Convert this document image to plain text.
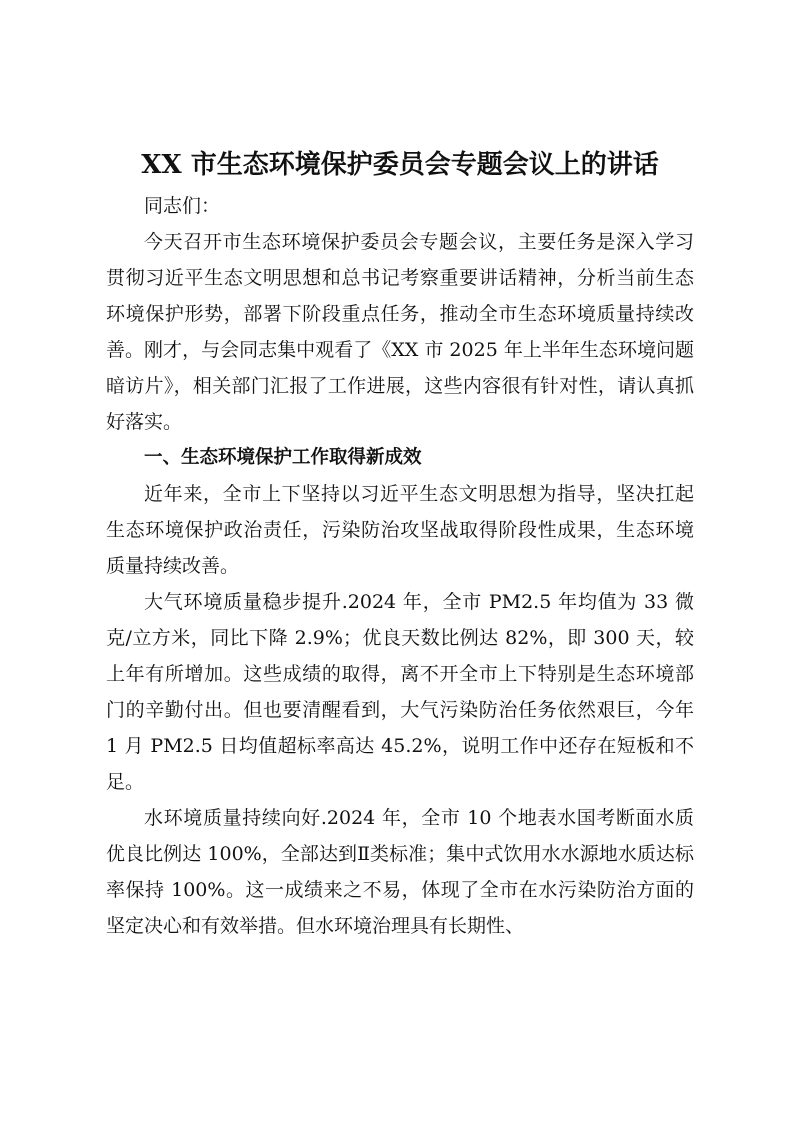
XX 市生态环境保护委员会专题会议上的讲话

同志们：

今天召开市生态环境保护委员会专题会议，主要任务是深入学习贯彻习近平生态文明思想和总书记考察重要讲话精神，分析当前生态环境保护形势，部署下阶段重点任务，推动全市生态环境质量持续改善。刚才，与会同志集中观看了《XX 市 2025 年上半年生态环境问题暗访片》，相关部门汇报了工作进展，这些内容很有针对性，请认真抓好落实。

一、生态环境保护工作取得新成效

近年来，全市上下坚持以习近平生态文明思想为指导，坚决扛起生态环境保护政治责任，污染防治攻坚战取得阶段性成果，生态环境质量持续改善。

大气环境质量稳步提升.2024 年，全市 PM2.5 年均值为 33 微克/立方米，同比下降 2.9%；优良天数比例达 82%，即 300 天，较上年有所增加。这些成绩的取得，离不开全市上下特别是生态环境部门的辛勤付出。但也要清醒看到，大气污染防治任务依然艰巨，今年 1 月 PM2.5 日均值超标率高达 45.2%，说明工作中还存在短板和不足。

水环境质量持续向好.2024 年，全市 10 个地表水国考断面水质优良比例达 100%，全部达到Ⅱ类标准；集中式饮用水水源地水质达标率保持 100%。这一成绩来之不易，体现了全市在水污染防治方面的坚定决心和有效举措。但水环境治理具有长期性、
